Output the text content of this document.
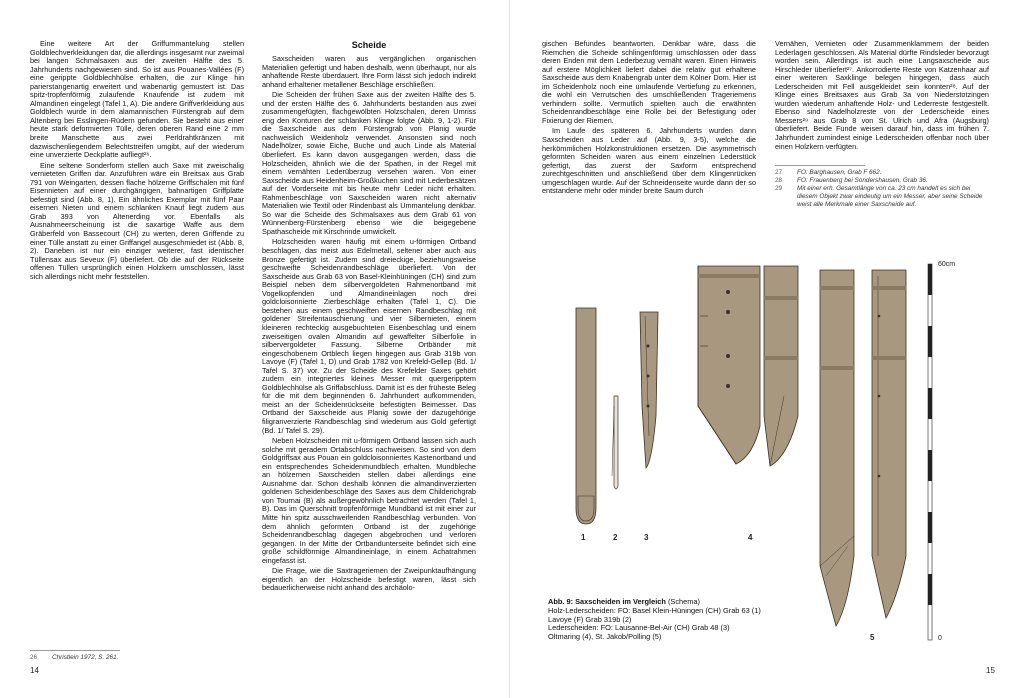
Eine weitere Art der Griffummantelung stellen Goldblechverkleidungen dar, die allerdings insgesamt nur zweimal bei langen Schmalsaxen aus der zweiten Hälfte des 5. Jahrhunderts nachgewiesen sind. So ist aus Pouanes-Vallées (F) eine gerippte Goldblechhülse erhalten, die zur Klinge hin parierstangenartig erweitert und wabenartig gemustert ist. Das spitz-tropfenförmig zulaufende Knaufende ist zudem mit Almandinen eingelegt (Tafel 1, A). Die andere Griffverkleidung aus Goldblech wurde in dem alamannischen Fürstengrab auf dem Altenberg bei Esslingen-Rüdern gefunden. Sie besteht aus einer heute stark deformierten Tülle, deren oberen Rand eine 2 mm breite Manschette aus zwei Perldrahtkränzen mit dazwischenliegendem Belechtstreifen umgibt, auf der wiederum eine unverzierte Deckplatte aufliegt²⁶.

Eine seltene Sonderform stellen auch Saxe mit zweischalig vernieteten Griffen dar. Anzuführen wäre ein Breitsax aus Grab 791 von Weingarten, dessen flache hölzerne Griffschalen mit fünf Eisennieten auf einer durchgängigen, bahnartigen Griffplatte befestigt sind (Abb. 8, 1). Ein ähnliches Exemplar mit fünf Paar eisernen Nieten und einem schlanken Knauf liegt zudem aus Grab 393 von Altenerding vor. Ebenfalls als Ausnahmeerscheinung ist die saxartige Waffe aus dem Gräberfeld von Bassecourt (CH) zu werten, deren Griffende zu einer Tülle anstatt zu einer Griffangel ausgeschmiedet ist (Abb. 8, 2). Daneben ist nur ein einziger weiterer, fast identischer Tüllensax aus Seveux (F) überliefert. Ob die auf der Rückseite offenen Tüllen ursprünglich einen Holzkern umschlossen, lässt sich allerdings nicht mehr feststellen.

Scheide

Saxscheiden waren aus vergänglichen organischen Materialien gefertigt und haben deshalb, wenn überhaupt, nur als anhaftende Reste überdauert. Ihre Form lässt sich jedoch indirekt anhand erhaltener metallener Beschläge erschließen.

Die Scheiden der frühen Saxe aus der zweiten Hälfte des 5. und der ersten Hälfte des 6. Jahrhunderts bestanden aus zwei zusammengefügten, flachgewölbten Holzschalen, deren Umriss eng den Konturen der schlanken Klinge folgte (Abb. 9, 1-2). Für die Saxscheide aus dem Fürstengrab von Planig wurde nachweislich Weidenholz verwendet. Ansonsten sind noch Nadelhölzer, sowie Eiche, Buche und auch Linde als Material überliefert. Es kann davon ausgegangen werden, dass die Holzscheiden, ähnlich wie die der Spathen, in der Regel mit einem vernähten Lederüberzug versehen waren. Von einer Saxscheide aus Heidenheim-Großkuchen sind mit Lederbesätzen auf der Vorderseite mit bis heute mehr Leder nicht erhalten. Rahmenbeschläge von Saxscheiden waren nicht alternativ Materialien wie Textil oder Rindenbast als Ummantelung denkbar. So war die Scheide des Schmalsaxes aus dem Grab 61 von Wünnenberg-Fürstenberg ebenso wie die beigegebene Spathascheide mit Kirschrinde umwickelt.

Holzscheiden waren häufig mit einem u-förmigen Ortband beschlagen, das meist aus Edelmetall, seltener aber auch aus Bronze gefertigt ist. Zudem sind dreieckige, beziehungsweise geschweifte Scheidenrandbeschläge überliefert. Von der Saxscheide aus Grab 63 von Basel-Kleinhüningen (CH) sind zum Beispiel neben dem silbervergoldeten Rahmenortband mit Vogelkopfenden und Almandineinlagen noch drei goldcloisonnierte Zierbeschläge erhalten (Tafel 1, C). Die bestehen aus einem geschweiften eisernen Randbeschlag mit goldener Streifentauschierung und vier Silbernieten, einem kleineren rechteckig ausgebuchteten Eisenbeschlag und einem zweiseitigen ovalen Almandin auf gewaffelter Silberfolie in silbervergoldeter Fassung. Silberne Ortbänder mit eingeschobenem Ortblech liegen hingegen aus Grab 319b von Lavoye (F) (Tafel 1, D) und Grab 1782 von Krefeld-Gellep (Bd. 1/ Tafel S. 37) vor. Zu der Scheide des Krefelder Saxes gehört zudem ein integriertes kleines Messer mit quergeripptem Goldblechhülse als Griffabschluss. Damit ist es der früheste Beleg für die mit dem beginnenden 6. Jahrhundert aufkommenden, meist an der Scheidenrückseite befestigten Beimesser. Das Ortband der Saxscheide aus Planig sowie der dazugehörige filigranverzierte Randbeschlag sind wiederum aus Gold gefertigt (Bd. 1/ Tafel S. 29).

Neben Holzscheiden mit u-förmigem Ortband lassen sich auch solche mit geradem Ortabschluss nachweisen. So sind von dem Goldgriffsax aus Pouan ein goldcloisonniertes Kastenortband und ein entsprechendes Scheidenmundblech erhalten. Mundbleche an hölzernen Saxscheiden stellen dabei allerdings eine Ausnahme dar. Schon deshalb können die almandinverzierten goldenen Scheidenbeschläge des Saxes aus dem Childerichgrab von Tournai (B) als außergewöhnlich betrachtet werden (Tafel 1, B). Das im Querschnitt tropfenförmige Mundband ist mit einer zur Mitte hin spitz ausschweifenden Randbeschlag verbunden. Von dem ähnlich geformten Ortband ist der zugehörige Scheidenrandbeschlag dagegen abgebrochen und verloren gegangen. In der Mitte der Ortbandunterseite befindet sich eine große schildförmige Almandineinlage, in einem Achatrahmen eingefasst ist.

Die Frage, wie die Saxtrageriemen der Zweipunktaufhängung eigentlich an der Holzscheide befestigt waren, lässt sich bedauerlicherweise nicht anhand des archäolo-

26	Christlein 1972, S. 261.
14	15

gischen Befundes beantworten. Denkbar wäre, dass die Riemchen die Scheide schlingenförmig umschlossen oder dass deren Enden mit dem Lederbezug vernäht waren. Einen Hinweis auf erstere Möglichkeit liefert dabei die relativ gut erhaltene Saxscheide aus dem Knabengrab unter dem Kölner Dom. Hier ist im Scheidenholz noch eine umlaufende Vertiefung zu erkennen, die wohl ein Verrutschen des umschließenden Trageriemens verhindern sollte. Vermutlich spielten auch die erwähnten Scheidenrandbeschläge eine Rolle bei der Befestigung oder Fixierung der Riemen.

Im Laufe des späteren 6. Jahrhunderts wurden dann Saxscheiden aus Leder auf (Abb. 9, 3-5), welche die herkömmlichen Holzkonstruktionen ersetzen. Die asymmetrisch geformten Scheiden waren aus einem einzelnen Lederstück gefertigt, das zuerst der Saxform entsprechend zurechtgeschnitten und anschließend über dem Klingenrücken umgeschlagen wurde. Auf der Schneidenseite wurde dann der so entstandene mehr oder minder breite Saum durch

Vernähen, Vernieten oder Zusammenklammern der beiden Lederlagen geschlossen. Als Material dürfte Rindsleder bevorzugt worden sein. Allerdings ist auch eine Langsaxscheide aus Hirschleder überliefert²⁷. Ankorrodierte Reste von Katzenhaar auf einer weiteren Saxklinge belegen hingegen, dass auch Lederscheiden mit Fell ausgekleidet sein konnten²⁸. Auf der Klinge eines Breitsaxes aus Grab 3a von Niederstotzingen wurden wiederum anhaftende Holz- und Lederreste festgestellt. Ebenso sind Nadelholzreste von der Lederscheide eines Messers²⁹ aus Grab 8 von St. Ulrich und Afra (Augsburg) überliefert. Beide Funde weisen darauf hin, dass im frühen 7. Jahrhundert zumindest einige Lederscheiden offenbar noch über einen Holzkern verfügten.

27	FO: Barghausen, Grab F 662.
28	FO: Frauenberg bei Sondershausen, Grab 36.
29	Mit einer erh. Gesamtlänge von ca. 23 cm handelt es sich bei diesem Objekt zwar eindeutig um ein Messer, aber seine Scheide weist alle Merkmale einer Saxscheide auf.
1	2	3	4
5
60cm
0
Abb. 9: Saxscheiden im Vergleich (Schema)
Holz-Lederscheiden: FO: Basel Klein-Hüningen (CH) Grab 63 (1)
Lavoye (F) Grab 319b (2)
Lederscheiden: FO: Lausanne-Bel-Air (CH) Grab 48 (3)
Oltmaring (4), St. Jakob/Polling (5)
